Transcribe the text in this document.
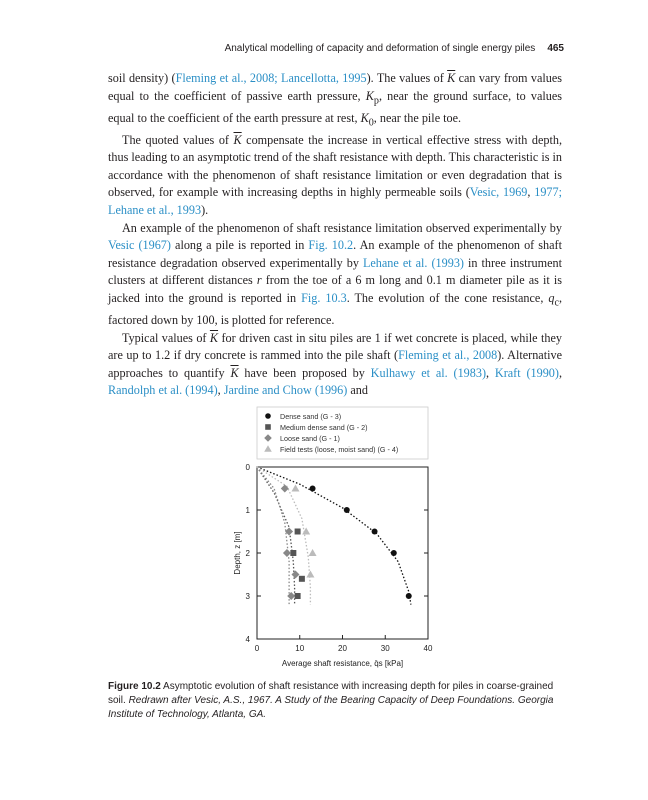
Analytical modelling of capacity and deformation of single energy piles 465

soil density) (Fleming et al., 2008; Lancellotta, 1995). The values of $\overline{K}$ can vary from values equal to the coefficient of passive earth pressure, $K_p$, near the ground surface, to values equal to the coefficient of the earth pressure at rest, $K_0$, near the pile toe.

The quoted values of $\overline{K}$ compensate the increase in vertical effective stress with depth, thus leading to an asymptotic trend of the shaft resistance with depth. This characteristic is in accordance with the phenomenon of shaft resistance limitation or even degradation that is observed, for example with increasing depths in highly permeable soils (Vesic, 1969, 1977; Lehane et al., 1993).

An example of the phenomenon of shaft resistance limitation observed experimentally by Vesic (1967) along a pile is reported in Fig. 10.2. An example of the phenomenon of shaft resistance degradation observed experimentally by Lehane et al. (1993) in three instrument clusters at different distances r from the toe of a 6 m long and 0.1 m diameter pile as it is jacked into the ground is reported in Fig. 10.3. The evolution of the cone resistance, $q_c$, factored down by 100, is plotted for reference.

Typical values of $\overline{K}$ for driven cast in situ piles are 1 if wet concrete is placed, while they are up to 1.2 if dry concrete is rammed into the pile shaft (Fleming et al., 2008). Alternative approaches to quantify $\overline{K}$ have been proposed by Kulhawy et al. (1983), Kraft (1990), Randolph et al. (1994), Jardine and Chow (1996) and

Dense sand (G - 3)
Medium dense sand (G - 2)
Loose sand (G - 1)
Field tests (loose, moist sand) (G - 4)
0	10	20	30	40
0
1
2
3
4
Average shaft resistance, q̄s [kPa]
Depth, z [m]
Figure 10.2 Asymptotic evolution of shaft resistance with increasing depth for piles in coarse-grained soil. Redrawn after Vesic, A.S., 1967. A Study of the Bearing Capacity of Deep Foundations. Georgia Institute of Technology, Atlanta, GA.
